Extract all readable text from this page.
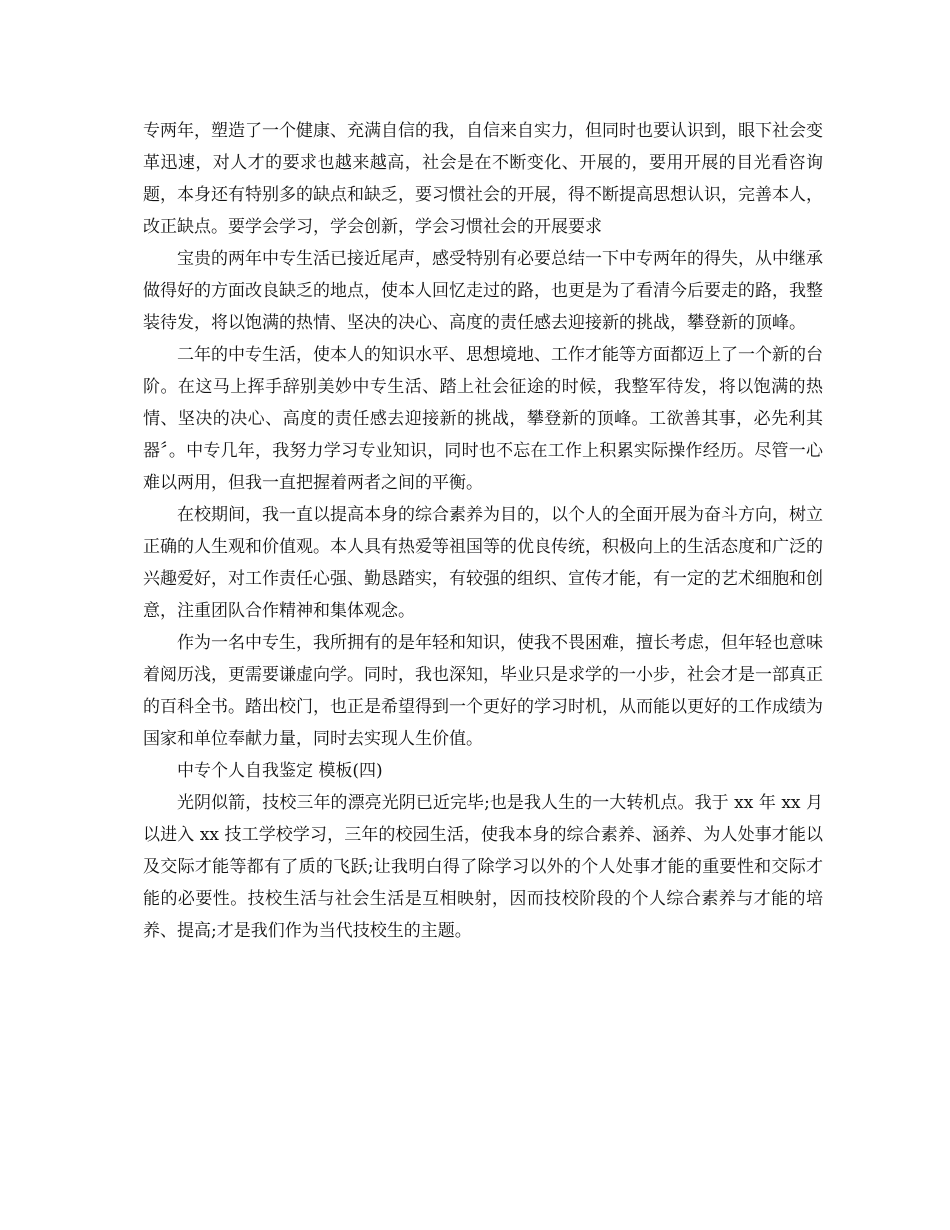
专两年，塑造了一个健康、充满自信的我，自信来自实力，但同时也要认识到，眼下社会变革迅速，对人才的要求也越来越高，社会是在不断变化、开展的，要用开展的目光看咨询题，本身还有特别多的缺点和缺乏，要习惯社会的开展，得不断提高思想认识，完善本人，改正缺点。要学会学习，学会创新，学会习惯社会的开展要求

宝贵的两年中专生活已接近尾声，感受特别有必要总结一下中专两年的得失，从中继承做得好的方面改良缺乏的地点，使本人回忆走过的路，也更是为了看清今后要走的路，我整装待发，将以饱满的热情、坚决的决心、高度的责任感去迎接新的挑战，攀登新的顶峰。

二年的中专生活，使本人的知识水平、思想境地、工作才能等方面都迈上了一个新的台阶。在这马上挥手辞别美妙中专生活、踏上社会征途的时候，我整军待发，将以饱满的热情、坚决的决心、高度的责任感去迎接新的挑战，攀登新的顶峰。工欲善其事，必先利其器〞。中专几年，我努力学习专业知识，同时也不忘在工作上积累实际操作经历。尽管一心难以两用，但我一直把握着两者之间的平衡。

在校期间，我一直以提高本身的综合素养为目的，以个人的全面开展为奋斗方向，树立正确的人生观和价值观。本人具有热爱等祖国等的优良传统，积极向上的生活态度和广泛的兴趣爱好，对工作责任心强、勤恳踏实，有较强的组织、宣传才能，有一定的艺术细胞和创意，注重团队合作精神和集体观念。

作为一名中专生，我所拥有的是年轻和知识，使我不畏困难，擅长考虑，但年轻也意味着阅历浅，更需要谦虚向学。同时，我也深知，毕业只是求学的一小步，社会才是一部真正的百科全书。踏出校门，也正是希望得到一个更好的学习时机，从而能以更好的工作成绩为国家和单位奉献力量，同时去实现人生价值。

中专个人自我鉴定 模板(四)

光阴似箭，技校三年的漂亮光阴已近完毕;也是我人生的一大转机点。我于 xx 年 xx 月以进入 xx 技工学校学习，三年的校园生活，使我本身的综合素养、涵养、为人处事才能以及交际才能等都有了质的飞跃;让我明白得了除学习以外的个人处事才能的重要性和交际才能的必要性。技校生活与社会生活是互相映射，因而技校阶段的个人综合素养与才能的培养、提高;才是我们作为当代技校生的主题。
